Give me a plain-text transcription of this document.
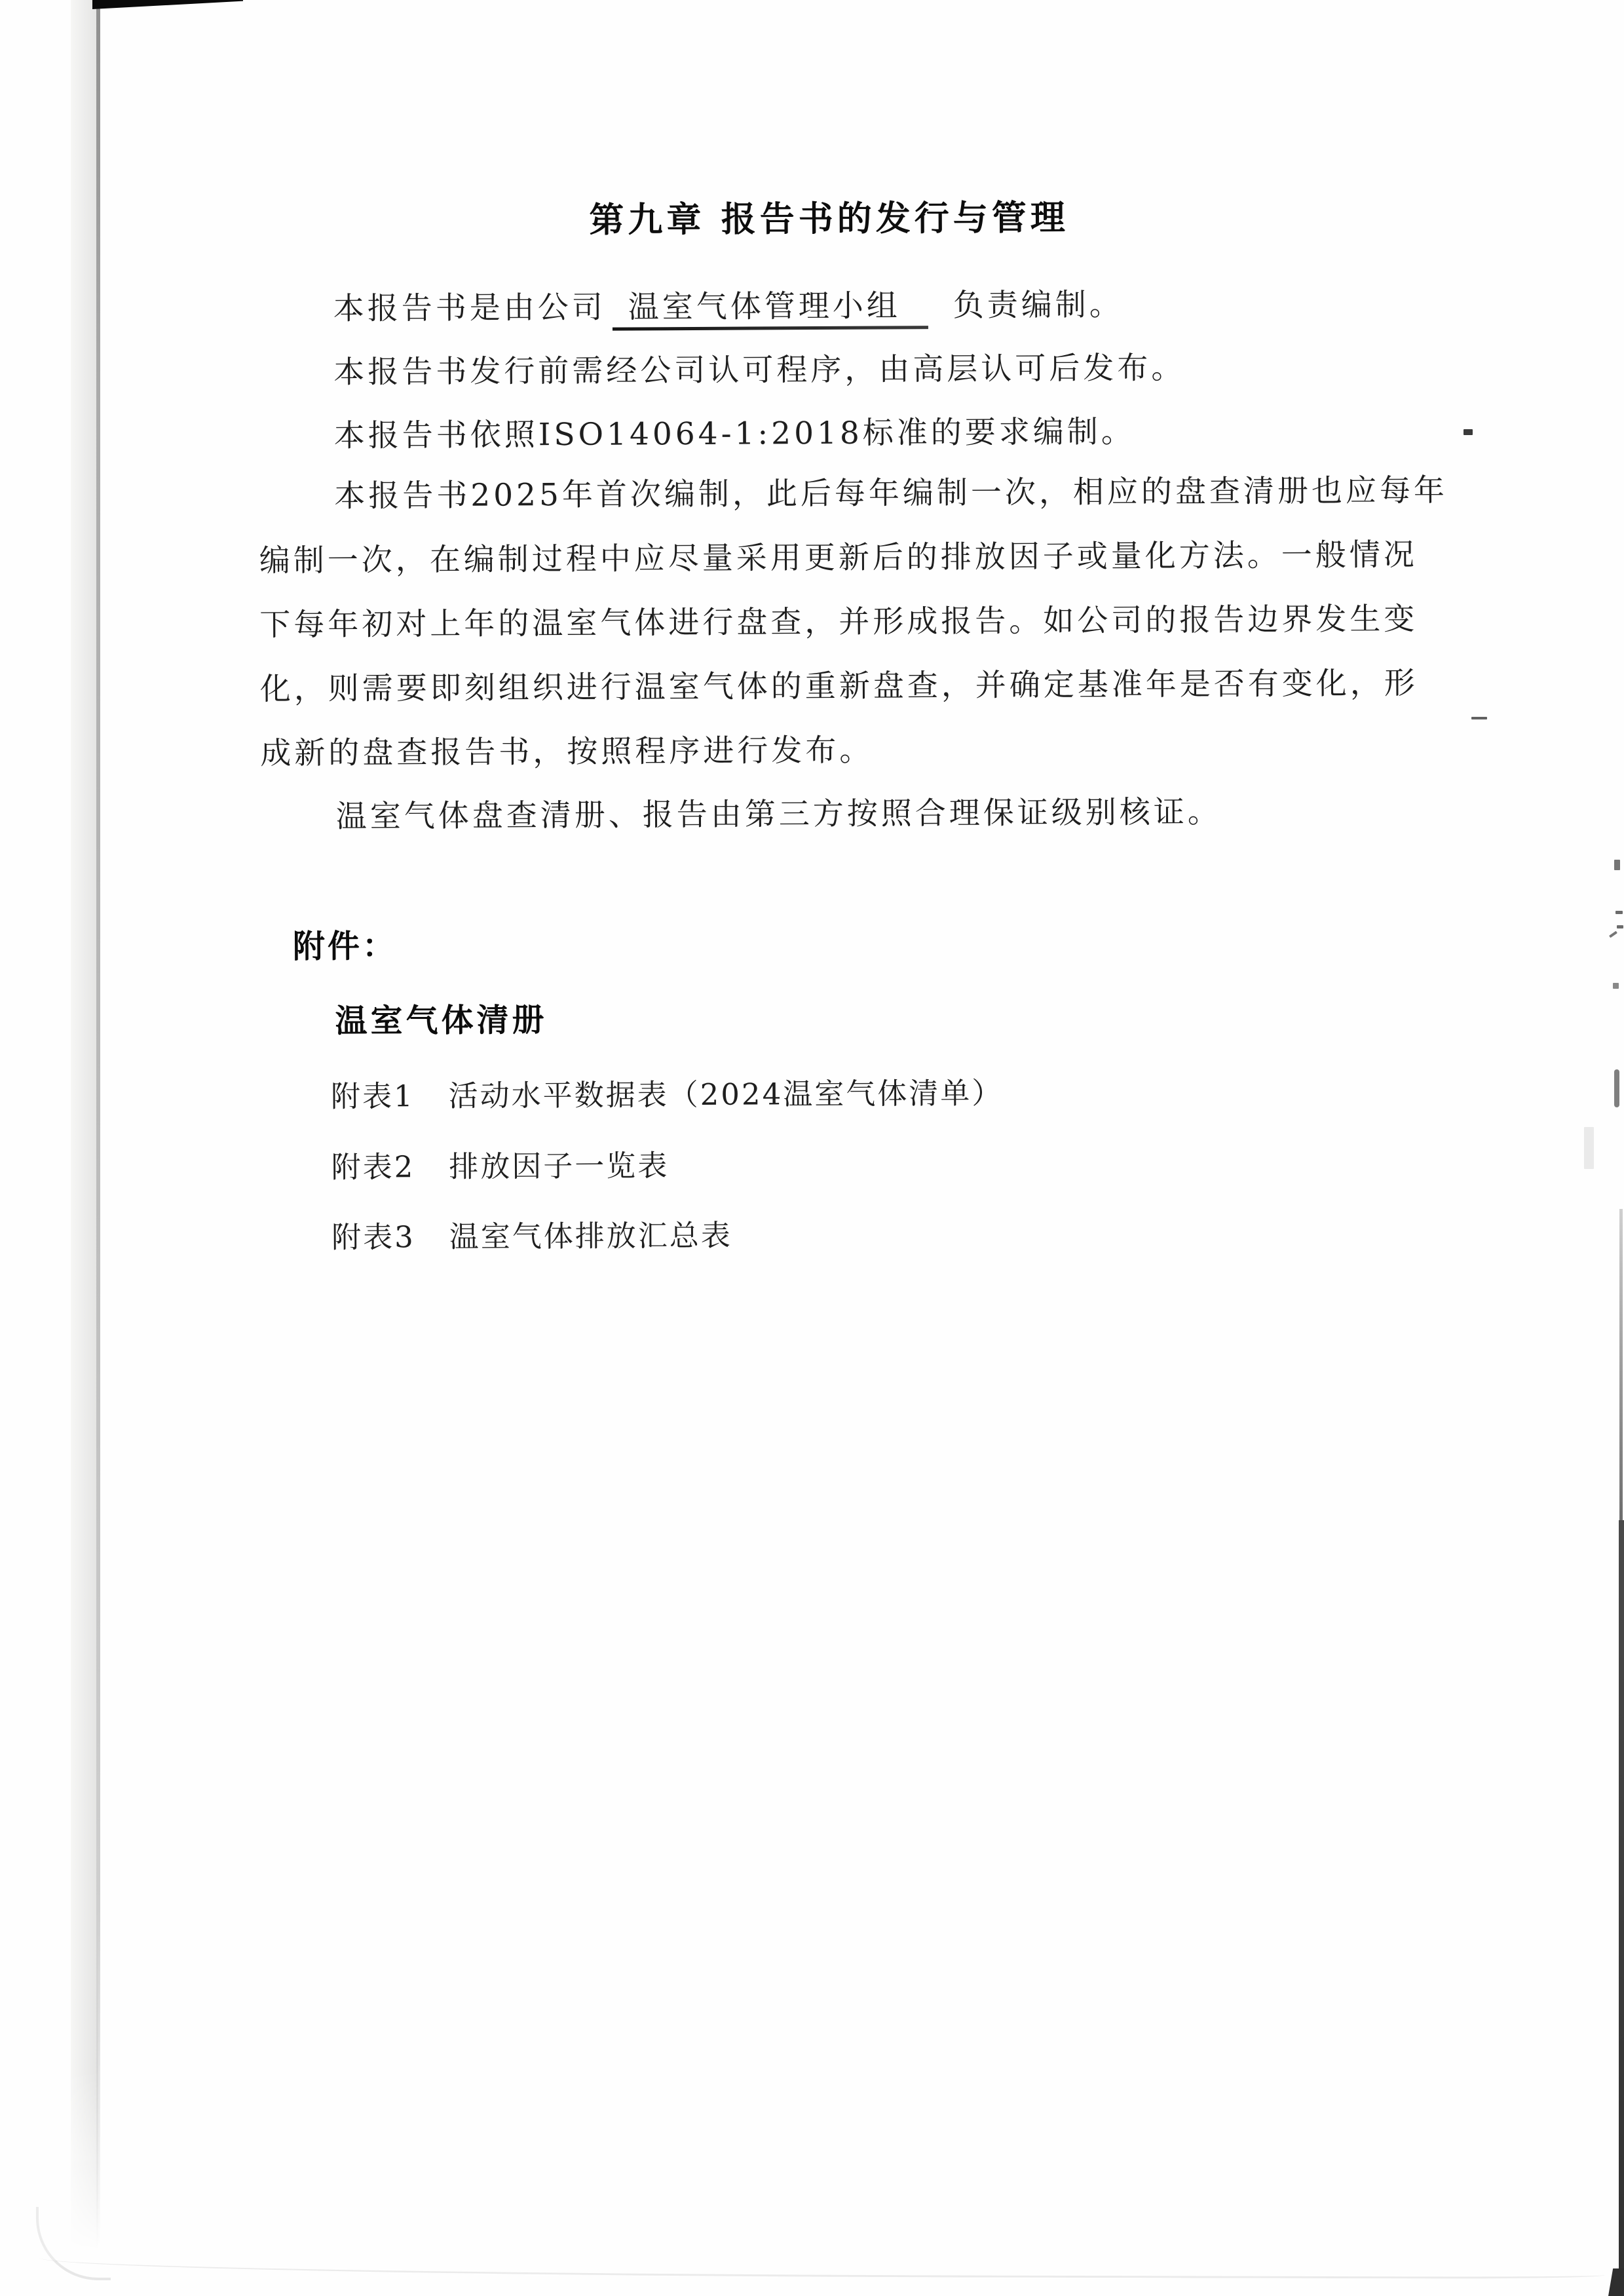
第九章 报告书的发行与管理

本报告书是由公司 温室气体管理小组 负责编制。

本报告书发行前需经公司认可程序，由高层认可后发布。

本报告书依照ISO14064-1:2018标准的要求编制。

本报告书2025年首次编制，此后每年编制一次，相应的盘查清册也应每年

编制一次，在编制过程中应尽量采用更新后的排放因子或量化方法。一般情况

下每年初对上年的温室气体进行盘查，并形成报告。如公司的报告边界发生变

化，则需要即刻组织进行温室气体的重新盘查，并确定基准年是否有变化，形

成新的盘查报告书，按照程序进行发布。

温室气体盘查清册、报告由第三方按照合理保证级别核证。

附件：

温室气体清册

附表1 活动水平数据表（2024温室气体清单）

附表2 排放因子一览表

附表3 温室气体排放汇总表
